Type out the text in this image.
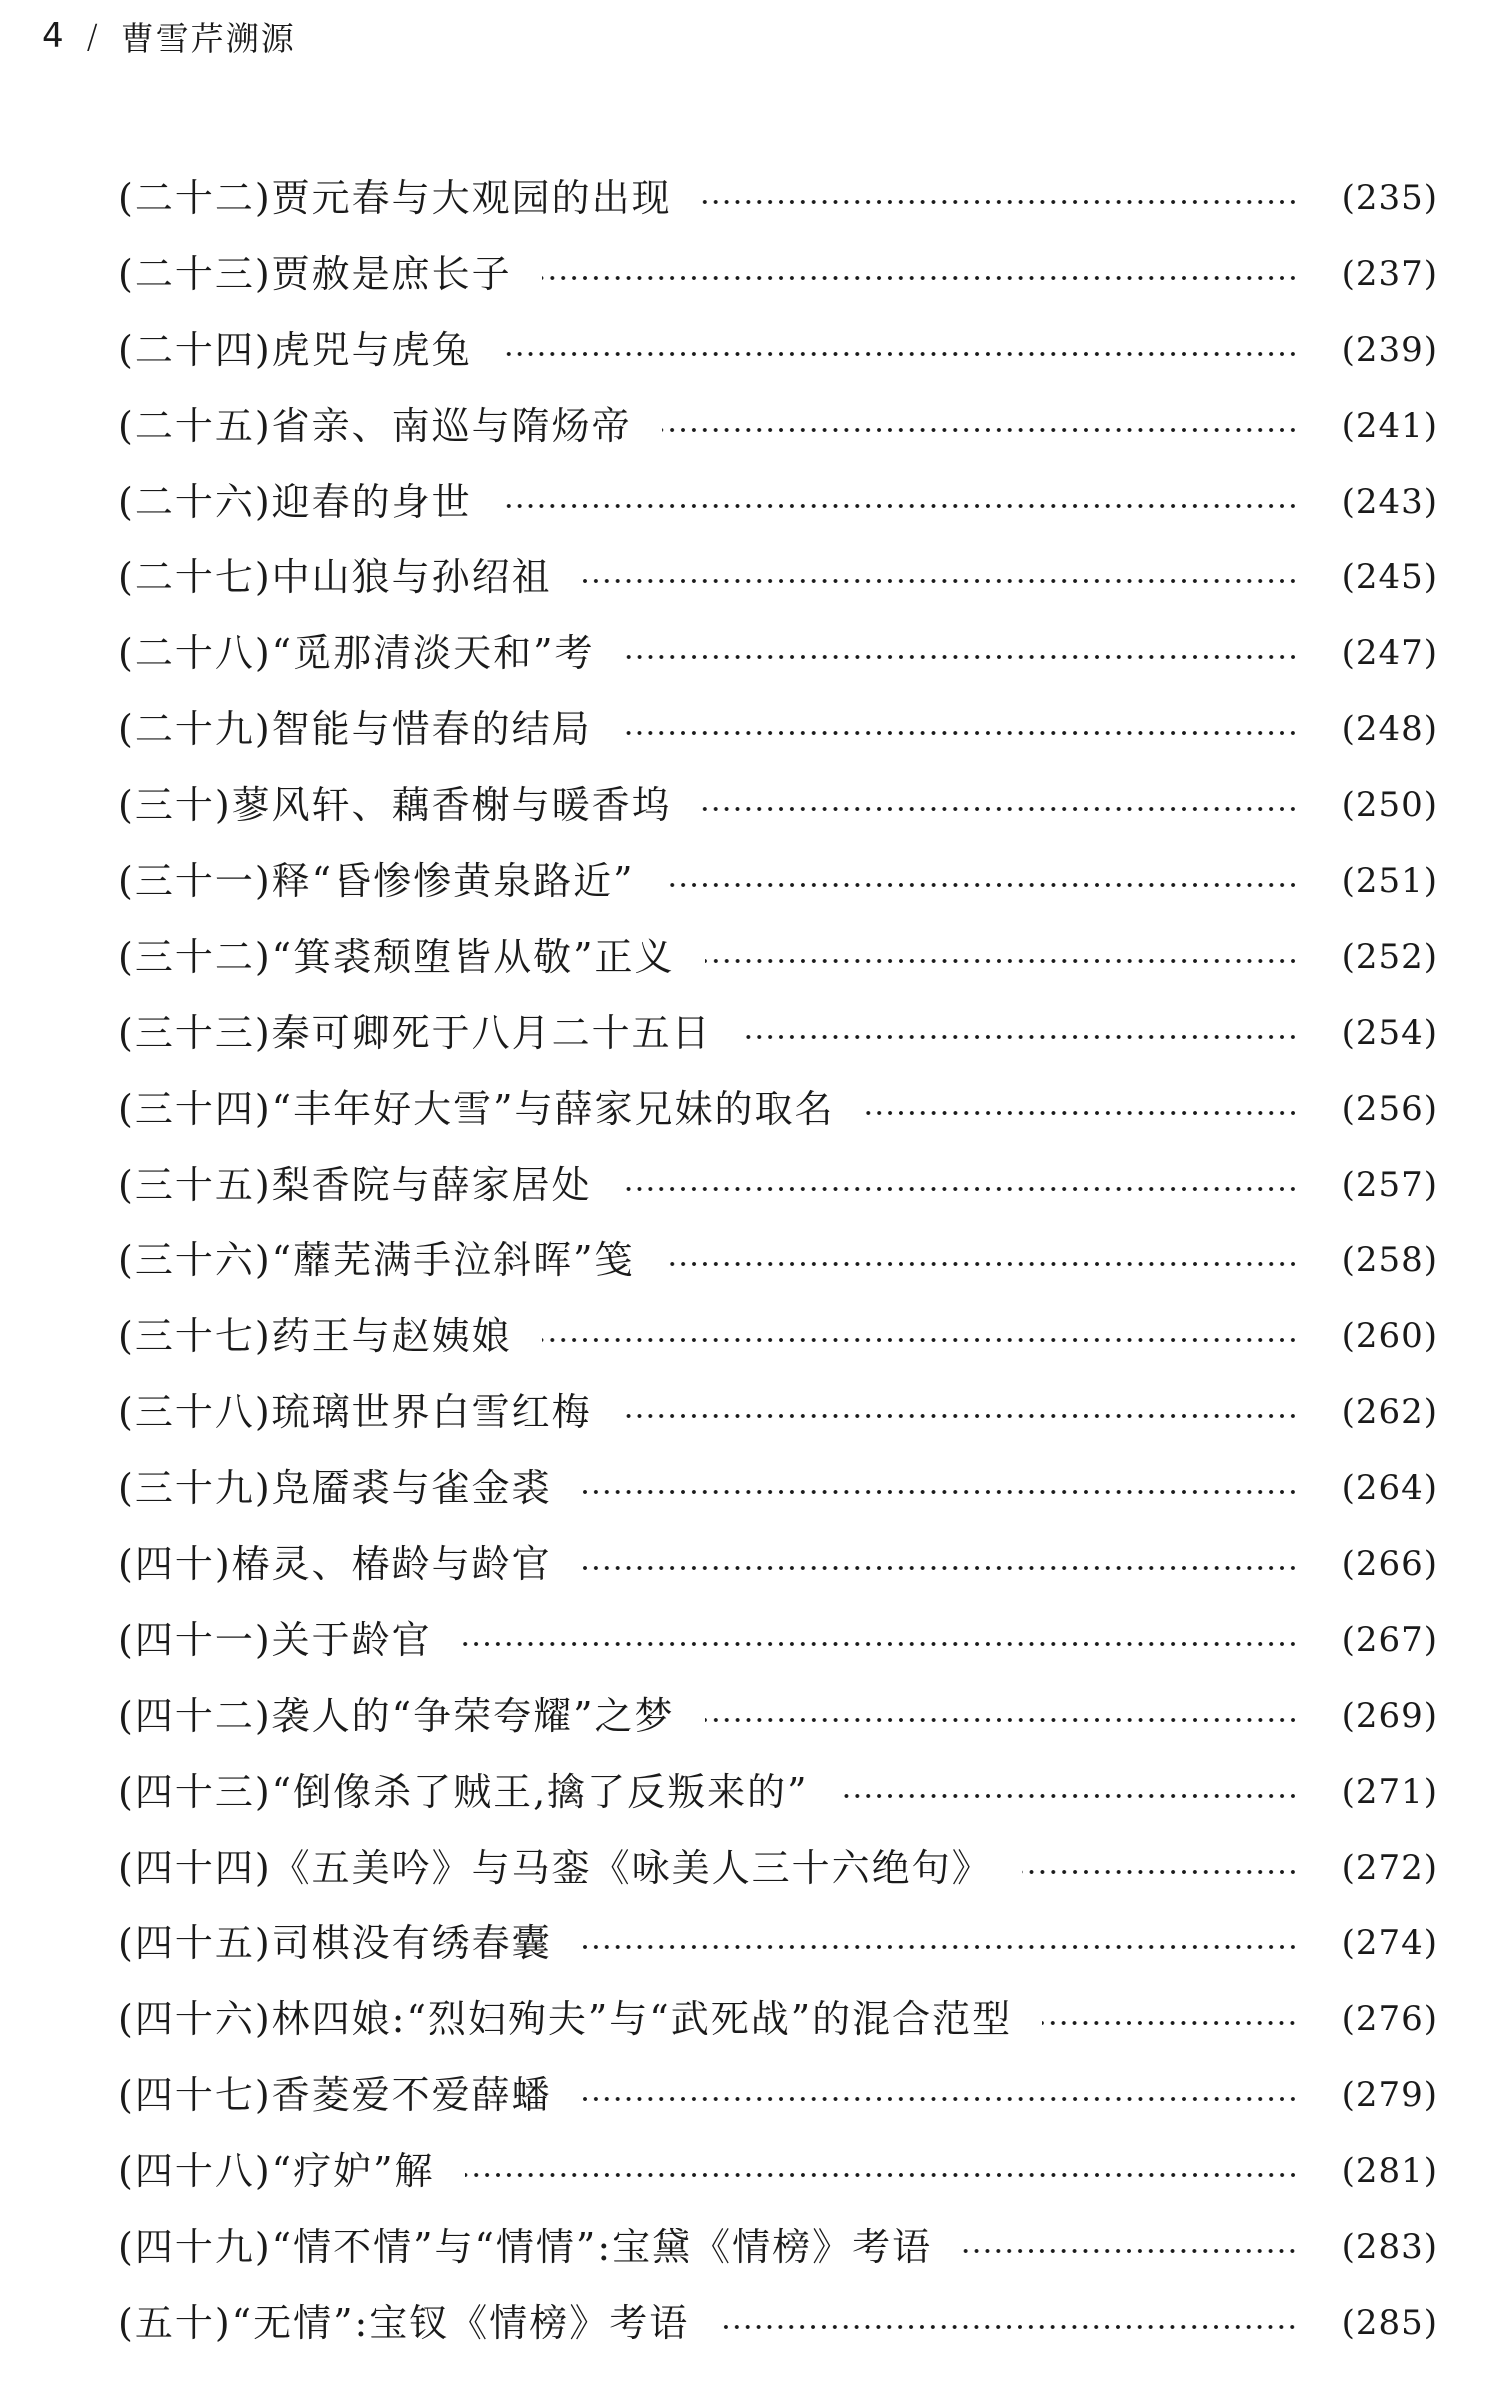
4 / 曹雪芹溯源
(二十二)贾元春与大观园的出现	(235)
(二十三)贾赦是庶长子	(237)
(二十四)虎兕与虎兔	(239)
(二十五)省亲、南巡与隋炀帝	(241)
(二十六)迎春的身世	(243)
(二十七)中山狼与孙绍祖	(245)
(二十八)“觅那清淡天和”考	(247)
(二十九)智能与惜春的结局	(248)
(三十)蓼风轩、藕香榭与暖香坞	(250)
(三十一)释“昏惨惨黄泉路近”	(251)
(三十二)“箕裘颓堕皆从敬”正义	(252)
(三十三)秦可卿死于八月二十五日	(254)
(三十四)“丰年好大雪”与薛家兄妹的取名	(256)
(三十五)梨香院与薛家居处	(257)
(三十六)“蘼芜满手泣斜晖”笺	(258)
(三十七)药王与赵姨娘	(260)
(三十八)琉璃世界白雪红梅	(262)
(三十九)凫靥裘与雀金裘	(264)
(四十)椿灵、椿龄与龄官	(266)
(四十一)关于龄官	(267)
(四十二)袭人的“争荣夸耀”之梦	(269)
(四十三)“倒像杀了贼王,擒了反叛来的”	(271)
(四十四)《五美吟》与马銮《咏美人三十六绝句》	(272)
(四十五)司棋没有绣春囊	(274)
(四十六)林四娘:“烈妇殉夫”与“武死战”的混合范型	(276)
(四十七)香菱爱不爱薛蟠	(279)
(四十八)“疗妒”解	(281)
(四十九)“情不情”与“情情”:宝黛《情榜》考语	(283)
(五十)“无情”:宝钗《情榜》考语	(285)
